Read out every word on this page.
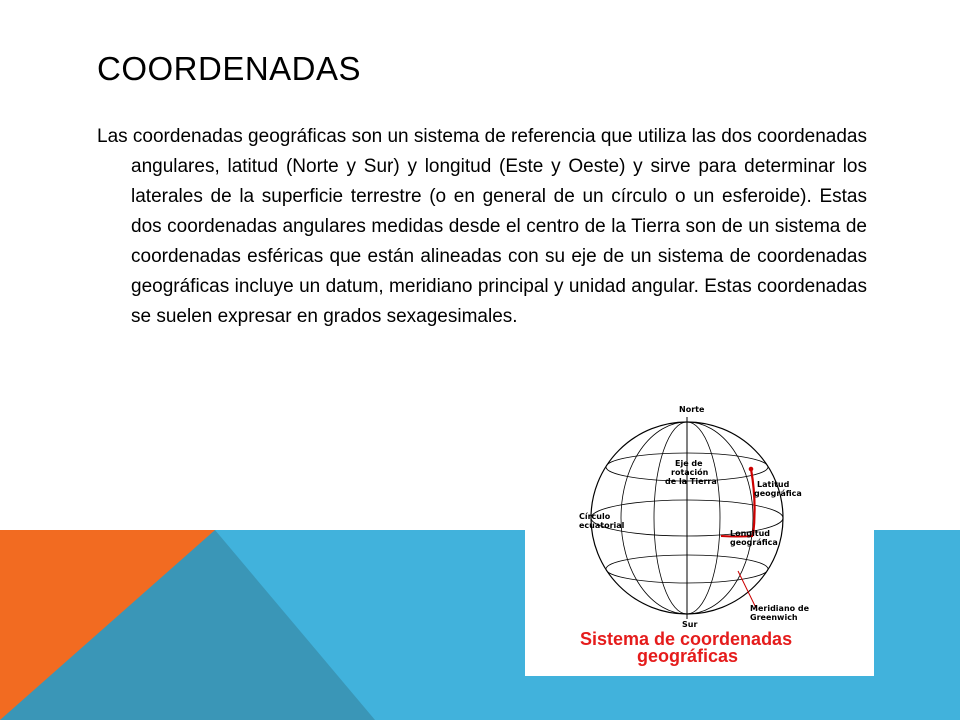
COORDENADAS

Las coordenadas geográficas son un sistema de referencia que utiliza las dos coordenadas angulares, latitud (Norte y Sur) y longitud (Este y Oeste) y sirve para determinar los laterales de la superficie terrestre (o en general de un círculo o un esferoide). Estas dos coordenadas angulares medidas desde el centro de la Tierra son de un sistema de coordenadas esféricas que están alineadas con su eje de un sistema de coordenadas geográficas incluye un datum, meridiano principal y unidad angular. Estas coordenadas se suelen expresar en grados sexagesimales.

Norte
Sur
Eje de
rotación
de la Tierra	Latitud
geográfica
Círculo
ecuatorial
Longitud
geográfica
Meridiano de
Greenwich
Sistema de coordenadas
geográficas
